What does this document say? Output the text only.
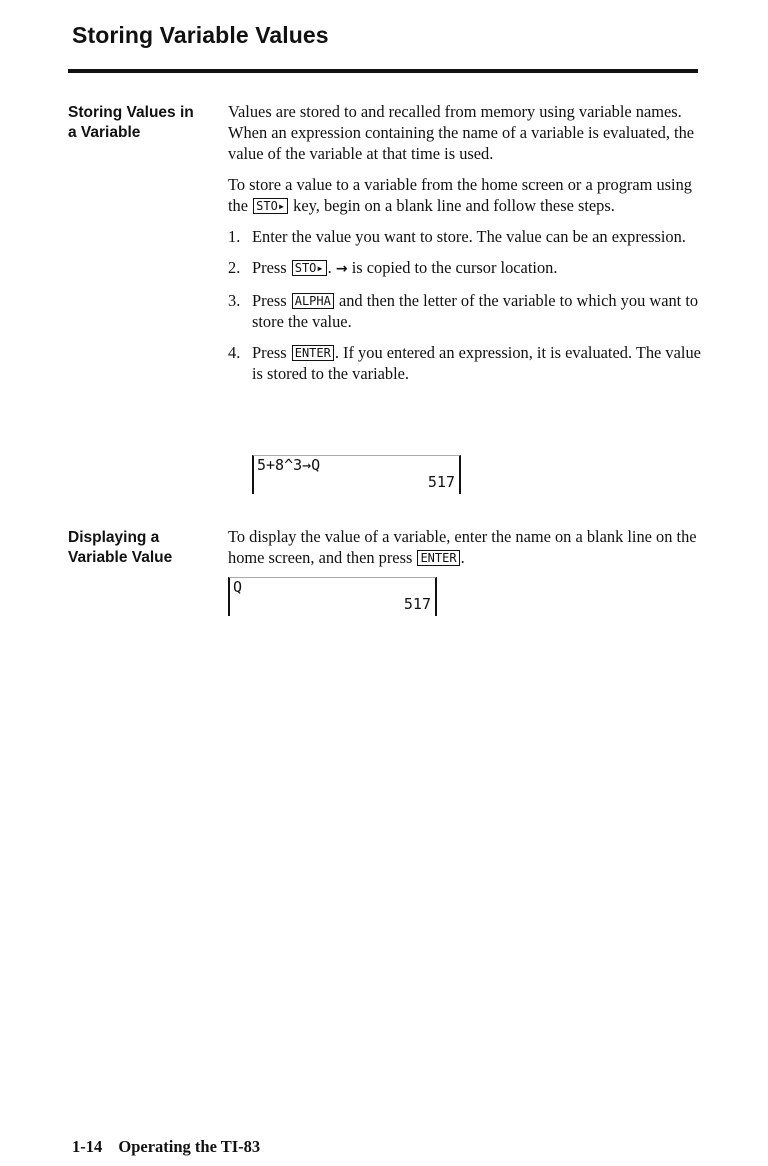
Storing Variable Values
Storing Values in
a Variable

Values are stored to and recalled from memory using variable names. When an expression containing the name of a variable is evaluated, the value of the variable at that time is used.

To store a value to a variable from the home screen or a program using the STO▸ key, begin on a blank line and follow these steps.

1. Enter the value you want to store. The value can be an expression.
2. Press STO▸ . → is copied to the cursor location.
3. Press ALPHA and then the letter of the variable to which you want to store the value.
4. Press ENTER . If you entered an expression, it is evaluated. The value is stored to the variable.
5+8^3→Q
517
Displaying a
Variable Value

To display the value of a variable, enter the name on a blank line on the home screen, and then press ENTER .

Q
517
1-14 Operating the TI-83
